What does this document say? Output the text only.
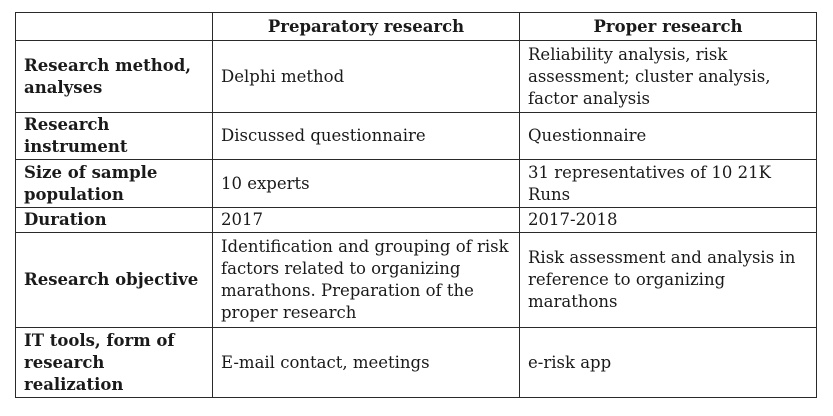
	Preparatory research	Proper research
Research method, analyses	Delphi method	Reliability analysis, risk assessment; cluster analysis, factor analysis
Research instrument	Discussed questionnaire	Questionnaire
Size of sample population	10 experts	31 representatives of 10 21K Runs
Duration	2017	2017-2018
Research objective	Identification and grouping of risk factors related to organizing marathons. Preparation of the proper research	Risk assessment and analysis in reference to organizing marathons
IT tools, form of research realization	E-mail contact, meetings	e-risk app
